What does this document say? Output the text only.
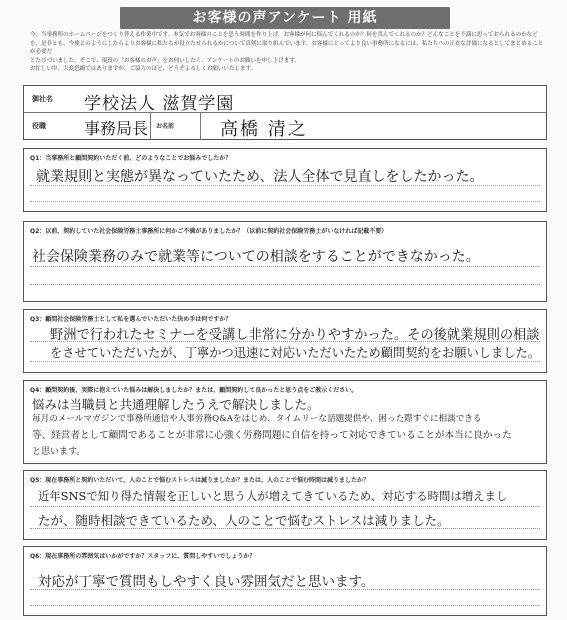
お客様の声アンケート 用紙
今、当事務所のホームページをつくり替える作業中です。本気でお客様のことを思う時間を作り上げ、お客様が何に悩んでくれるのか？何を喜んでくれるのか？どんなことを不満に思っておられるのかなど
を、是非とも、今後とのようにしたらよりお客様に私たちが役立たせられるかについて真剣に取り組んでいます。お客様にとってより良い事務所になるには、私たちへの正直な評価になるとしてまとめることが必要だ
とたびづいました。そこで、現役の「お客様のお声」をお伺いしたく、アンケートのお願いを申し上げます。
お忙しい中、大変恐縮ではありますが、ご協力のほど、どうぞよろしくお願いいたします。
御社名 学校法人 滋賀学園
役職 事務局長 お名前	高橋 清之
Q1：当事務所と顧問契約いただく前、どのようなことでお悩みでしたか？
就業規則と実態が異なっていたため、法人全体で見直しをしたかった。
Q2：以前、契約していた社会保険労務士事務所に何かご不満がありましたか？（以前に契約社会保険労務士がいなければ記載不要）
社会保険業務のみで就業等についての相談をすることができなかった。
Q3：顧問社会保険労務士として私を選んでいただいた決め手は何ですか？
野洲で行われたセミナーを受講し非常に分かりやすかった。その後就業規則の相談
をさせていただいたが、丁寧かつ迅速に対応いただいたため顧問契約をお願いしました。
Q4：顧問契約後、実際に抱えていた悩みは解決しましたか？または、顧問契約して良かったと思う点をご教示ください。
悩みは当職員と共通理解したうえで解決しました。
毎月のメールマガジンで事務所通信や人事労務Q&Aをはじめ、タイムリーな話題提供や、困った際すぐに相談できる
等、経営者として顧問であることが非常に心強く労務問題に自信を持って対応できていることが本当に良かった
と思います。
Q5：現在事務所と契約いただいて、人のことで悩むストレスは減りましたか？または、人のことで悩む時間は減りましたか？
近年SNSで知り得た情報を正しいと思う人が増えてきているため、対応する時間は増えまし
たが、随時相談できているため、人のことで悩むストレスは減りました。
Q6：現在事務所の雰囲気はいかがですか？スタッフに、質問しやすいでしょうか？
対応が丁寧で質問もしやすく良い雰囲気だと思います。
